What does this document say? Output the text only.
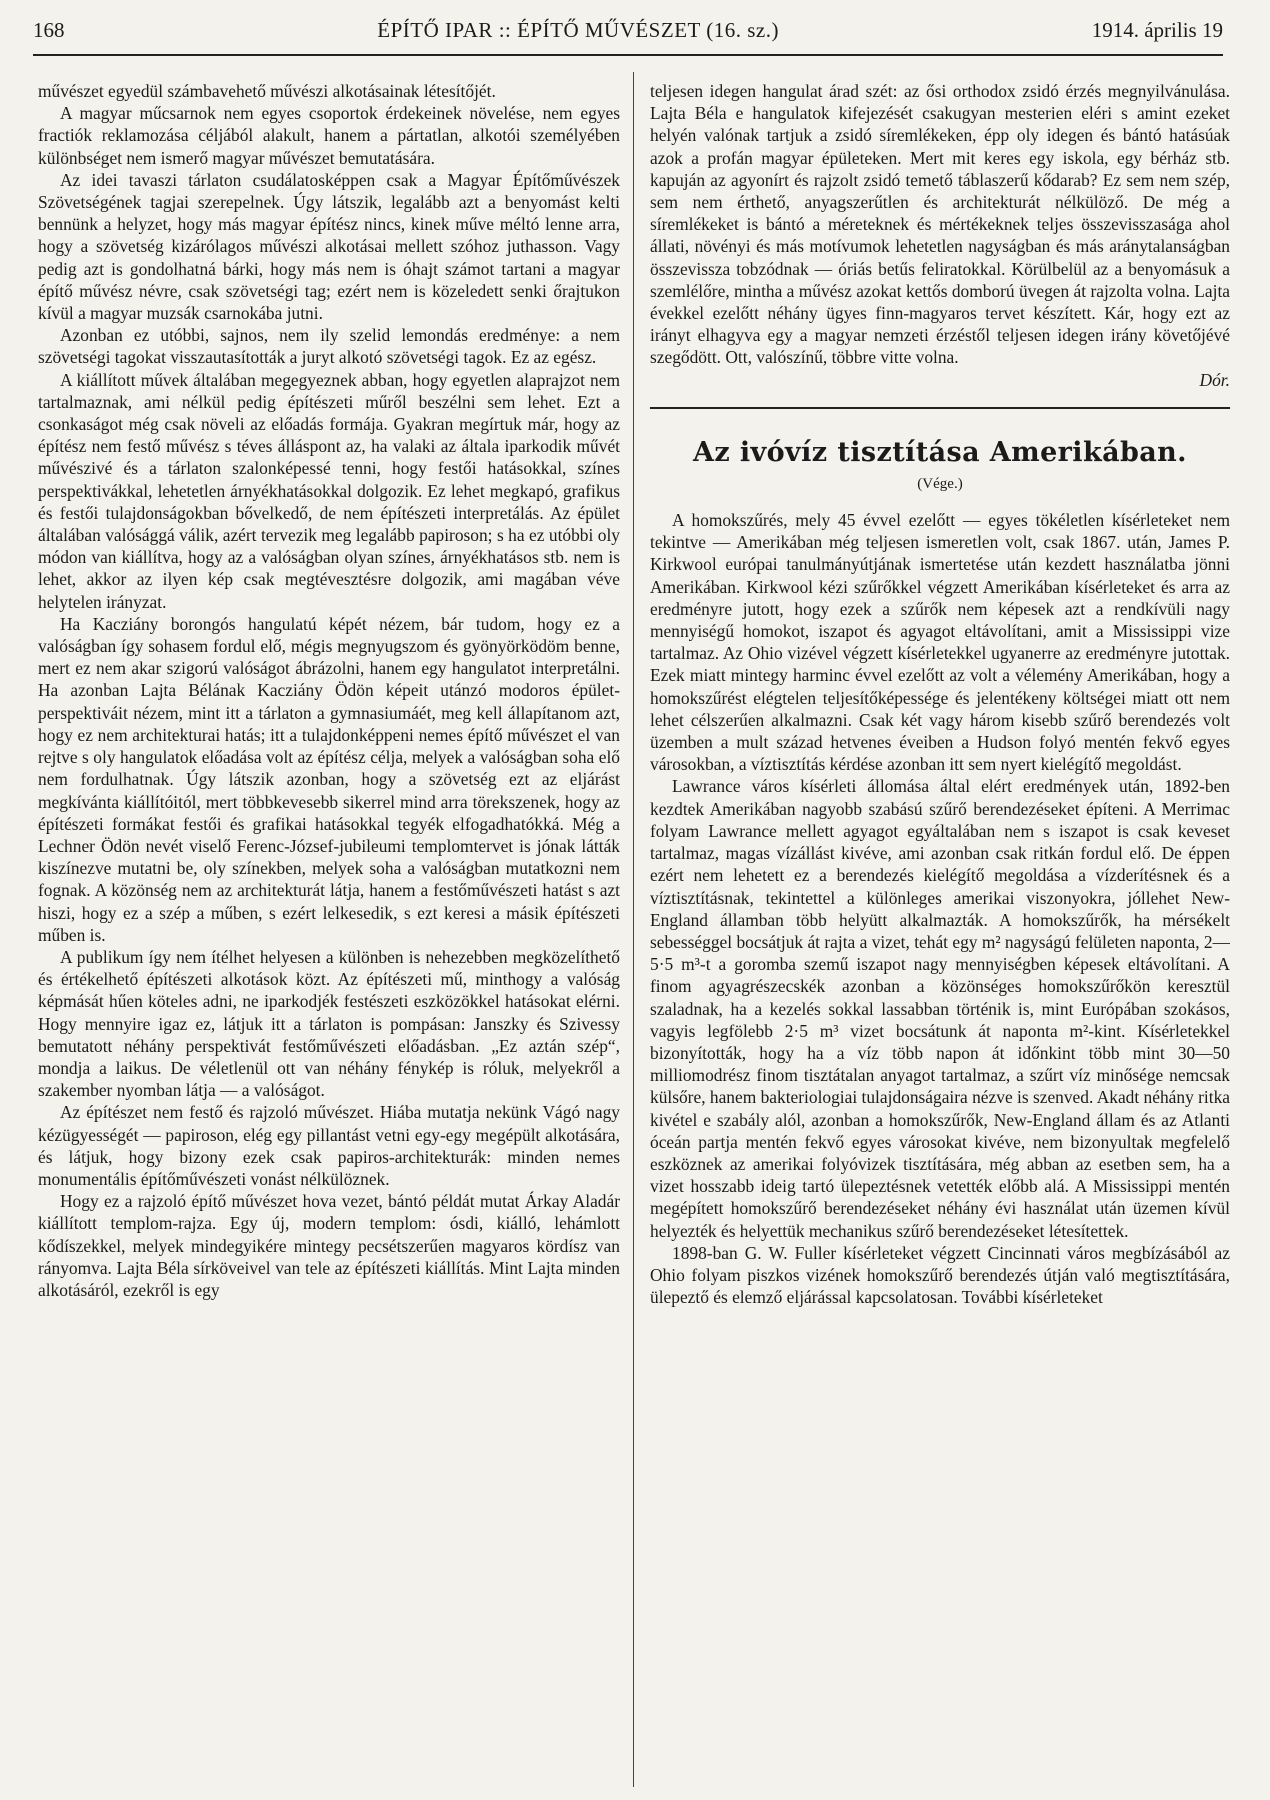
168	ÉPÍTŐ IPAR :: ÉPÍTŐ MŰVÉSZET (16. sz.)	1914. április 19

művészet egyedül számbavehető művészi alkotásainak létesítőjét.

A magyar műcsarnok nem egyes csoportok érdekeinek növelése, nem egyes fractiók reklamozása céljából alakult, hanem a pártatlan, alkotói személyében különbséget nem ismerő magyar művészet bemutatására.

Az idei tavaszi tárlaton csudálatosképpen csak a Magyar Építőművészek Szövetségének tagjai szerepelnek. Úgy látszik, legalább azt a benyomást kelti bennünk a helyzet, hogy más magyar építész nincs, kinek műve méltó lenne arra, hogy a szövetség kizárólagos művészi alkotásai mellett szóhoz juthasson. Vagy pedig azt is gondolhatná bárki, hogy más nem is óhajt számot tartani a magyar építő művész névre, csak szövetségi tag; ezért nem is közeledett senki őrajtukon kívül a magyar muzsák csarnokába jutni.

Azonban ez utóbbi, sajnos, nem ily szelid lemondás eredménye: a nem szövetségi tagokat visszautasították a juryt alkotó szövetségi tagok. Ez az egész.

A kiállított művek általában megegyeznek abban, hogy egyetlen alaprajzot nem tartalmaznak, ami nélkül pedig építészeti műről beszélni sem lehet. Ezt a csonkaságot még csak növeli az előadás formája. Gyakran megírtuk már, hogy az építész nem festő művész s téves álláspont az, ha valaki az általa iparkodik művét művészivé és a tárlaton szalonképessé tenni, hogy festői hatásokkal, színes perspektivákkal, lehetetlen árnyékhatásokkal dolgozik. Ez lehet megkapó, grafikus és festői tulajdonságokban bővelkedő, de nem építészeti interpretálás. Az épület általában valósággá válik, azért tervezik meg legalább papiroson; s ha ez utóbbi oly módon van kiállítva, hogy az a valóságban olyan színes, árnyékhatásos stb. nem is lehet, akkor az ilyen kép csak megtévesztésre dolgozik, ami magában véve helytelen irányzat.

Ha Kacziány borongós hangulatú képét nézem, bár tudom, hogy ez a valóságban így sohasem fordul elő, mégis megnyugszom és gyönyörködöm benne, mert ez nem akar szigorú valóságot ábrázolni, hanem egy hangulatot interpretálni. Ha azonban Lajta Bélának Kacziány Ödön képeit utánzó modoros épület-perspektiváit nézem, mint itt a tárlaton a gymnasiumáét, meg kell állapítanom azt, hogy ez nem architekturai hatás; itt a tulajdonképpeni nemes építő művészet el van rejtve s oly hangulatok előadása volt az építész célja, melyek a valóságban soha elő nem fordulhatnak. Úgy látszik azonban, hogy a szövetség ezt az eljárást megkívánta kiállítóitól, mert többkevesebb sikerrel mind arra törekszenek, hogy az építészeti formákat festői és grafikai hatásokkal tegyék elfogadhatókká. Még a Lechner Ödön nevét viselő Ferenc-József-jubileumi templomtervet is jónak látták kiszínezve mutatni be, oly színekben, melyek soha a valóságban mutatkozni nem fognak. A közönség nem az architekturát látja, hanem a festőművészeti hatást s azt hiszi, hogy ez a szép a műben, s ezért lelkesedik, s ezt keresi a másik építészeti műben is.

A publikum így nem ítélhet helyesen a különben is nehezebben megközelíthető és értékelhető építészeti alkotások közt. Az építészeti mű, minthogy a valóság képmását hűen köteles adni, ne iparkodjék festészeti eszközökkel hatásokat elérni. Hogy mennyire igaz ez, látjuk itt a tárlaton is pompásan: Janszky és Szivessy bemutatott néhány perspektivát festőművészeti előadásban. „Ez aztán szép“, mondja a laikus. De véletlenül ott van néhány fénykép is róluk, melyekről a szakember nyomban látja — a valóságot.

Az építészet nem festő és rajzoló művészet. Hiába mutatja nekünk Vágó nagy kézügyességét — papiroson, elég egy pillantást vetni egy-egy megépült alkotására, és látjuk, hogy bizony ezek csak papiros-architekturák: minden nemes monumentális építőművészeti vonást nélkülöznek.

Hogy ez a rajzoló építő művészet hova vezet, bántó példát mutat Árkay Aladár kiállított templom-rajza. Egy új, modern templom: ósdi, kiálló, lehámlott kődíszekkel, melyek mindegyikére mintegy pecsétszerűen magyaros kördísz van rányomva. Lajta Béla sírköveivel van tele az építészeti kiállítás. Mint Lajta minden alkotásáról, ezekről is egy

teljesen idegen hangulat árad szét: az ősi orthodox zsidó érzés megnyilvánulása. Lajta Béla e hangulatok kifejezését csakugyan mesterien eléri s amint ezeket helyén valónak tartjuk a zsidó síremlékeken, épp oly idegen és bántó hatásúak azok a profán magyar épületeken. Mert mit keres egy iskola, egy bérház stb. kapuján az agyonírt és rajzolt zsidó temető táblaszerű kődarab? Ez sem nem szép, sem nem érthető, anyagszerűtlen és architekturát nélkülöző. De még a síremlékeket is bántó a méreteknek és mértékeknek teljes összevisszasága ahol állati, növényi és más motívumok lehetetlen nagyságban és más aránytalanságban összevissza tobzódnak — óriás betűs feliratokkal. Körülbelül az a benyomásuk a szemlélőre, mintha a művész azokat kettős domború üvegen át rajzolta volna. Lajta évekkel ezelőtt néhány ügyes finn-magyaros tervet készített. Kár, hogy ezt az irányt elhagyva egy a magyar nemzeti érzéstől teljesen idegen irány követőjévé szegődött. Ott, valószínű, többre vitte volna.

Dór.
Az ivóvíz tisztítása Amerikában.
(Vége.)

A homokszűrés, mely 45 évvel ezelőtt — egyes tökéletlen kísérleteket nem tekintve — Amerikában még teljesen ismeretlen volt, csak 1867. után, James P. Kirkwool európai tanulmányútjának ismertetése után kezdett használatba jönni Amerikában. Kirkwool kézi szűrőkkel végzett Amerikában kísérleteket és arra az eredményre jutott, hogy ezek a szűrők nem képesek azt a rendkívüli nagy mennyiségű homokot, iszapot és agyagot eltávolítani, amit a Mississippi vize tartalmaz. Az Ohio vizével végzett kísérletekkel ugyanerre az eredményre jutottak. Ezek miatt mintegy harminc évvel ezelőtt az volt a vélemény Amerikában, hogy a homokszűrést elégtelen teljesítőképessége és jelentékeny költségei miatt ott nem lehet célszerűen alkalmazni. Csak két vagy három kisebb szűrő berendezés volt üzemben a mult század hetvenes éveiben a Hudson folyó mentén fekvő egyes városokban, a víztisztítás kérdése azonban itt sem nyert kielégítő megoldást.

Lawrance város kísérleti állomása által elért eredmények után, 1892-ben kezdtek Amerikában nagyobb szabású szűrő berendezéseket építeni. A Merrimac folyam Lawrance mellett agyagot egyáltalában nem s iszapot is csak keveset tartalmaz, magas vízállást kivéve, ami azonban csak ritkán fordul elő. De éppen ezért nem lehetett ez a berendezés kielégítő megoldása a vízderítésnek és a víztisztításnak, tekintettel a különleges amerikai viszonyokra, jóllehet New-England államban több helyütt alkalmazták. A homokszűrők, ha mérsékelt sebességgel bocsátjuk át rajta a vizet, tehát egy m² nagyságú felületen naponta, 2—5·5 m³-t a goromba szemű iszapot nagy mennyiségben képesek eltávolítani. A finom agyagrészecskék azonban a közönséges homokszűrőkön keresztül szaladnak, ha a kezelés sokkal lassabban történik is, mint Európában szokásos, vagyis legfölebb 2·5 m³ vizet bocsátunk át naponta m²-kint. Kísérletekkel bizonyították, hogy ha a víz több napon át időnkint több mint 30—50 milliomodrész finom tisztátalan anyagot tartalmaz, a szűrt víz minősége nemcsak külsőre, hanem bakteriologiai tulajdonságaira nézve is szenved. Akadt néhány ritka kivétel e szabály alól, azonban a homokszűrők, New-England állam és az Atlanti óceán partja mentén fekvő egyes városokat kivéve, nem bizonyultak megfelelő eszköznek az amerikai folyóvizek tisztítására, még abban az esetben sem, ha a vizet hosszabb ideig tartó ülepeztésnek vetették előbb alá. A Mississippi mentén megépített homokszűrő berendezéseket néhány évi használat után üzemen kívül helyezték és helyettük mechanikus szűrő berendezéseket létesítettek.

1898-ban G. W. Fuller kísérleteket végzett Cincinnati város megbízásából az Ohio folyam piszkos vizének homokszűrő berendezés útján való megtisztítására, ülepeztő és elemző eljárással kapcsolatosan. További kísérleteket
